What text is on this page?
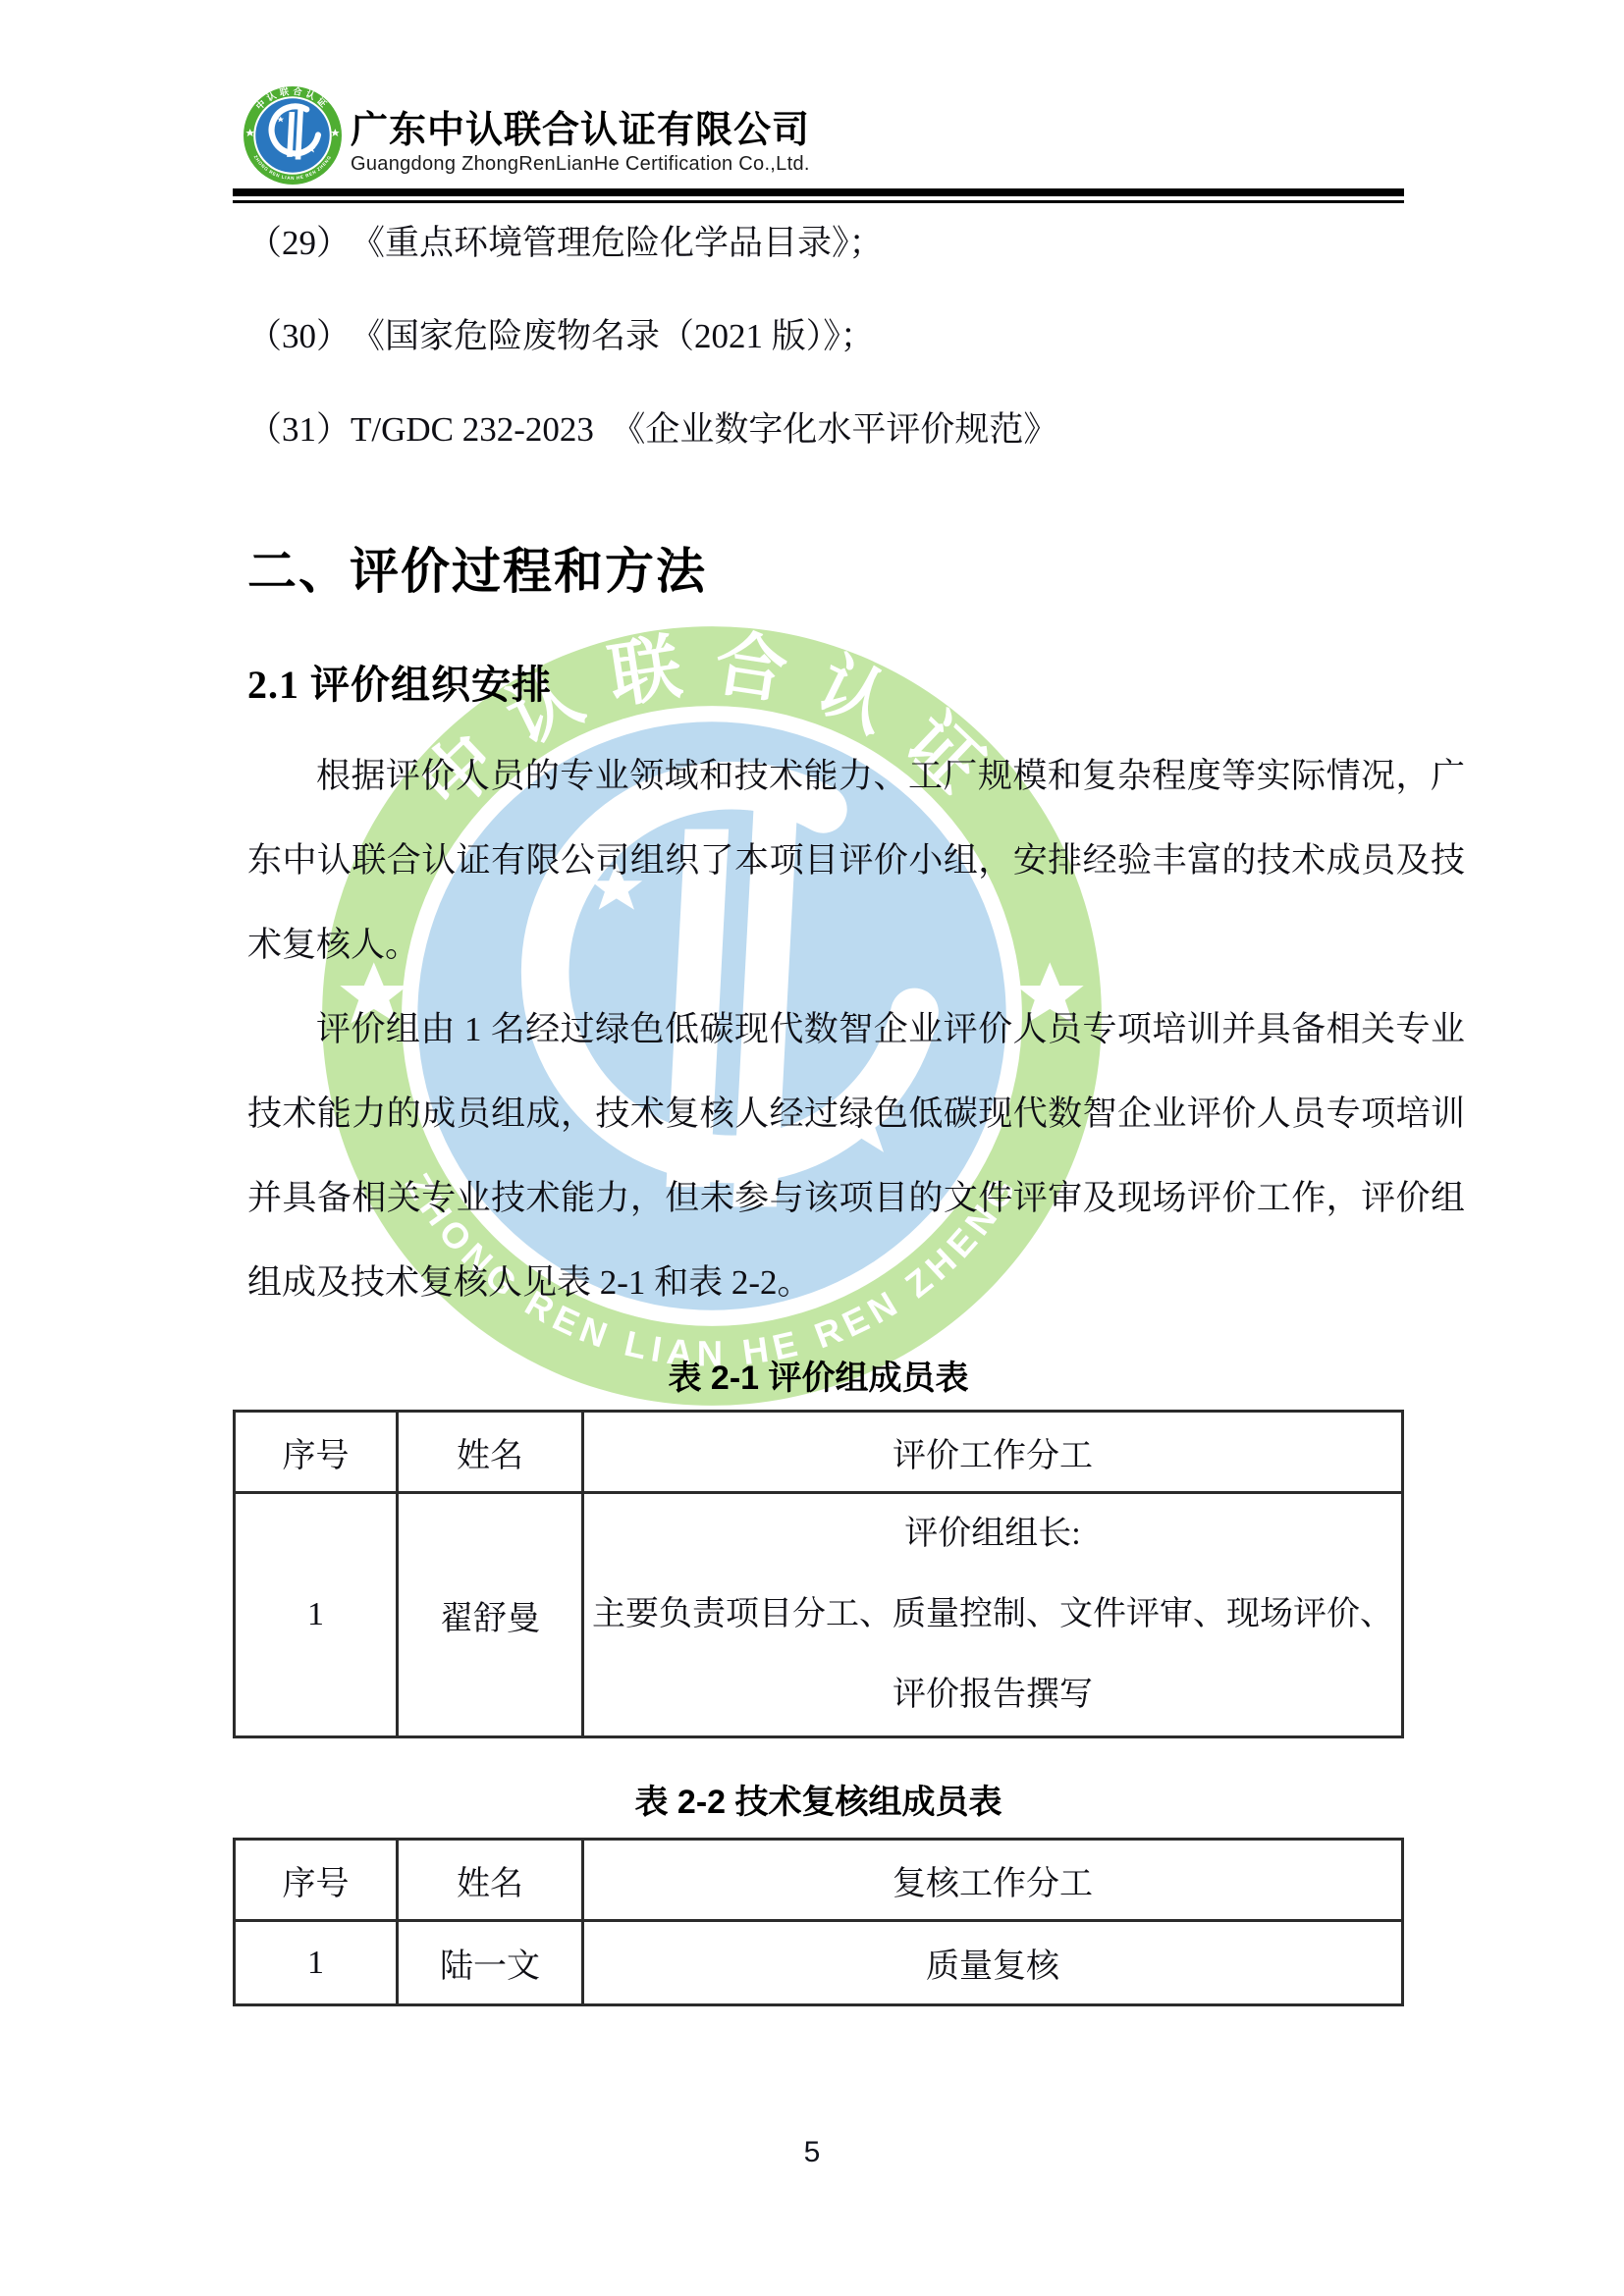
广东中认联合认证有限公司
Guangdong ZhongRenLianHe Certification Co.,Ltd.
（29）　《重点环境管理危险化学品目录》；
（30）　《国家危险废物名录（2021 版）》；
（31）T/GDC 232-2023　《企业数字化水平评价规范》
二、评价过程和方法
2.1 评价组织安排

根据评价人员的专业领域和技术能力、工厂规模和复杂程度等实际情况，广东中认联合认证有限公司组织了本项目评价小组，安排经验丰富的技术成员及技术复核人。

评价组由 1 名经过绿色低碳现代数智企业评价人员专项培训并具备相关专业技术能力的成员组成，技术复核人经过绿色低碳现代数智企业评价人员专项培训并具备相关专业技术能力，但未参与该项目的文件评审及现场评价工作，评价组组成及技术复核人见表 2-1 和表 2-2。

表 2-1 评价组成员表
序号	姓名	评价工作分工
1	翟舒曼	评价组组长:
主要负责项目分工、质量控制、文件评审、现场评价、
评价报告撰写
表 2-2 技术复核组成员表
序号	姓名	复核工作分工
1	陆一文	质量复核
5
